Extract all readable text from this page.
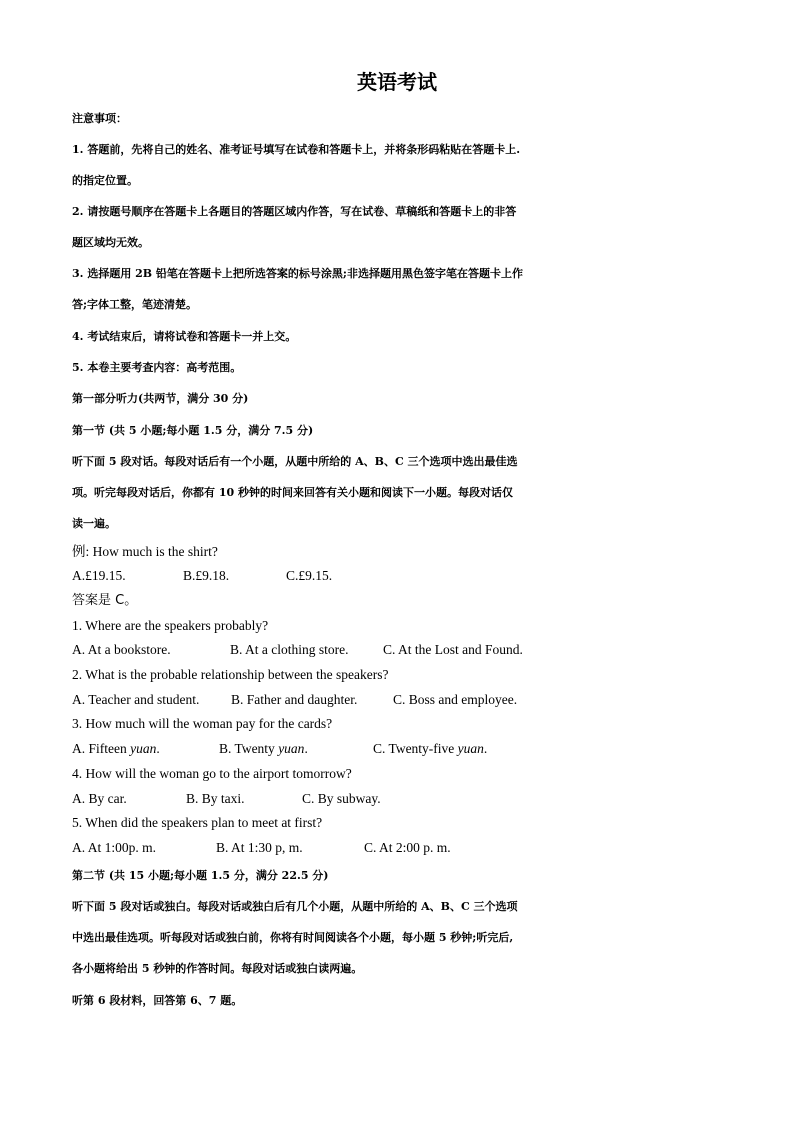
英语考试
注意事项：
1. 答题前，先将自己的姓名、准考证号填写在试卷和答题卡上，并将条形码粘贴在答题卡上.
的指定位置。
2. 请按题号顺序在答题卡上各题目的答题区域内作答，写在试卷、草稿纸和答题卡上的非答
题区域均无效。
3. 选择题用 2B 铅笔在答题卡上把所选答案的标号涂黑;非选择题用黑色签字笔在答题卡上作
答;字体工整，笔迹清楚。
4. 考试结束后，请将试卷和答题卡一并上交。
5. 本卷主要考查内容：高考范围。
第一部分听力(共两节，满分 30 分)
第一节 (共 5 小题;每小题 1.5 分，满分 7.5 分)
听下面 5 段对话。每段对话后有一个小题，从题中所给的 A、B、C 三个选项中选出最佳选
项。听完每段对话后，你都有 10 秒钟的时间来回答有关小题和阅读下一小题。每段对话仅
读一遍。
例: How much is the shirt?
A.£19.15.	B.£9.18.	C.£9.15.
答案是 C。
1. Where are the speakers probably?
A. At a bookstore.	B. At a clothing store.	C. At the Lost and Found.
2. What is the probable relationship between the speakers?
A. Teacher and student. B. Father and daughter.	C. Boss and employee.
3. How much will the woman pay for the cards?
A. Fifteen yuan.	B. Twenty yuan.	C. Twenty-five yuan.
4. How will the woman go to the airport tomorrow?
A. By car.	B. By taxi.	C. By subway.
5. When did the speakers plan to meet at first?
A. At 1:00p. m.	B. At 1:30 p, m.	C. At 2:00 p. m.
第二节 (共 15 小题;每小题 1.5 分，满分 22.5 分)
听下面 5 段对话或独白。每段对话或独白后有几个小题，从题中所给的 A、B、C 三个选项
中选出最佳选项。听每段对话或独白前，你将有时间阅读各个小题，每小题 5 秒钟;听完后,
各小题将给出 5 秒钟的作答时间。每段对话或独白读两遍。
听第 6 段材料，回答第 6、7 题。
